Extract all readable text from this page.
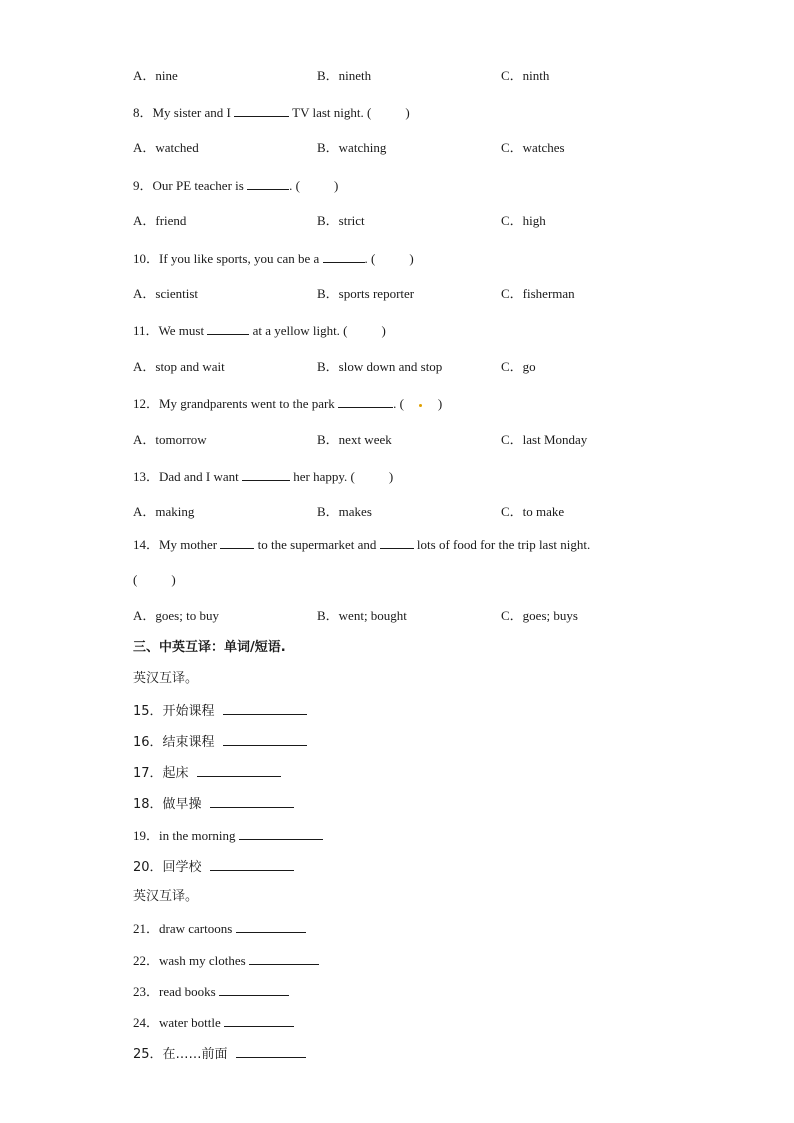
A．nine	B．nineth	C．ninth
8．My sister and I	TV last night. (	)
A．watched	B．watching	C．watches
9．Our PE teacher is	. (	)
A．friend	B．strict	C．high
10．If you like sports, you can be a	. (	)
A．scientist	B．sports reporter	C．fisherman
11．We must	at a yellow light. (	)
A．stop and wait	B．slow down and stop	C．go
12．My grandparents went to the park	. (	)
A．tomorrow	B．next week	C．last Monday
13．Dad and I want	her happy. (	)
A．making	B．makes	C．to make
14．My mother	to the supermarket and	lots of food for the trip last night.
(	)
A．goes; to buy	B．went; bought	C．goes; buys
三、中英互译：单词/短语.
英汉互译。
15．开始课程
16．结束课程
17．起床
18．做早操
19．in the morning
20．回学校
英汉互译。
21．draw cartoons
22．wash my clothes
23．read books
24．water bottle
25．在……前面
